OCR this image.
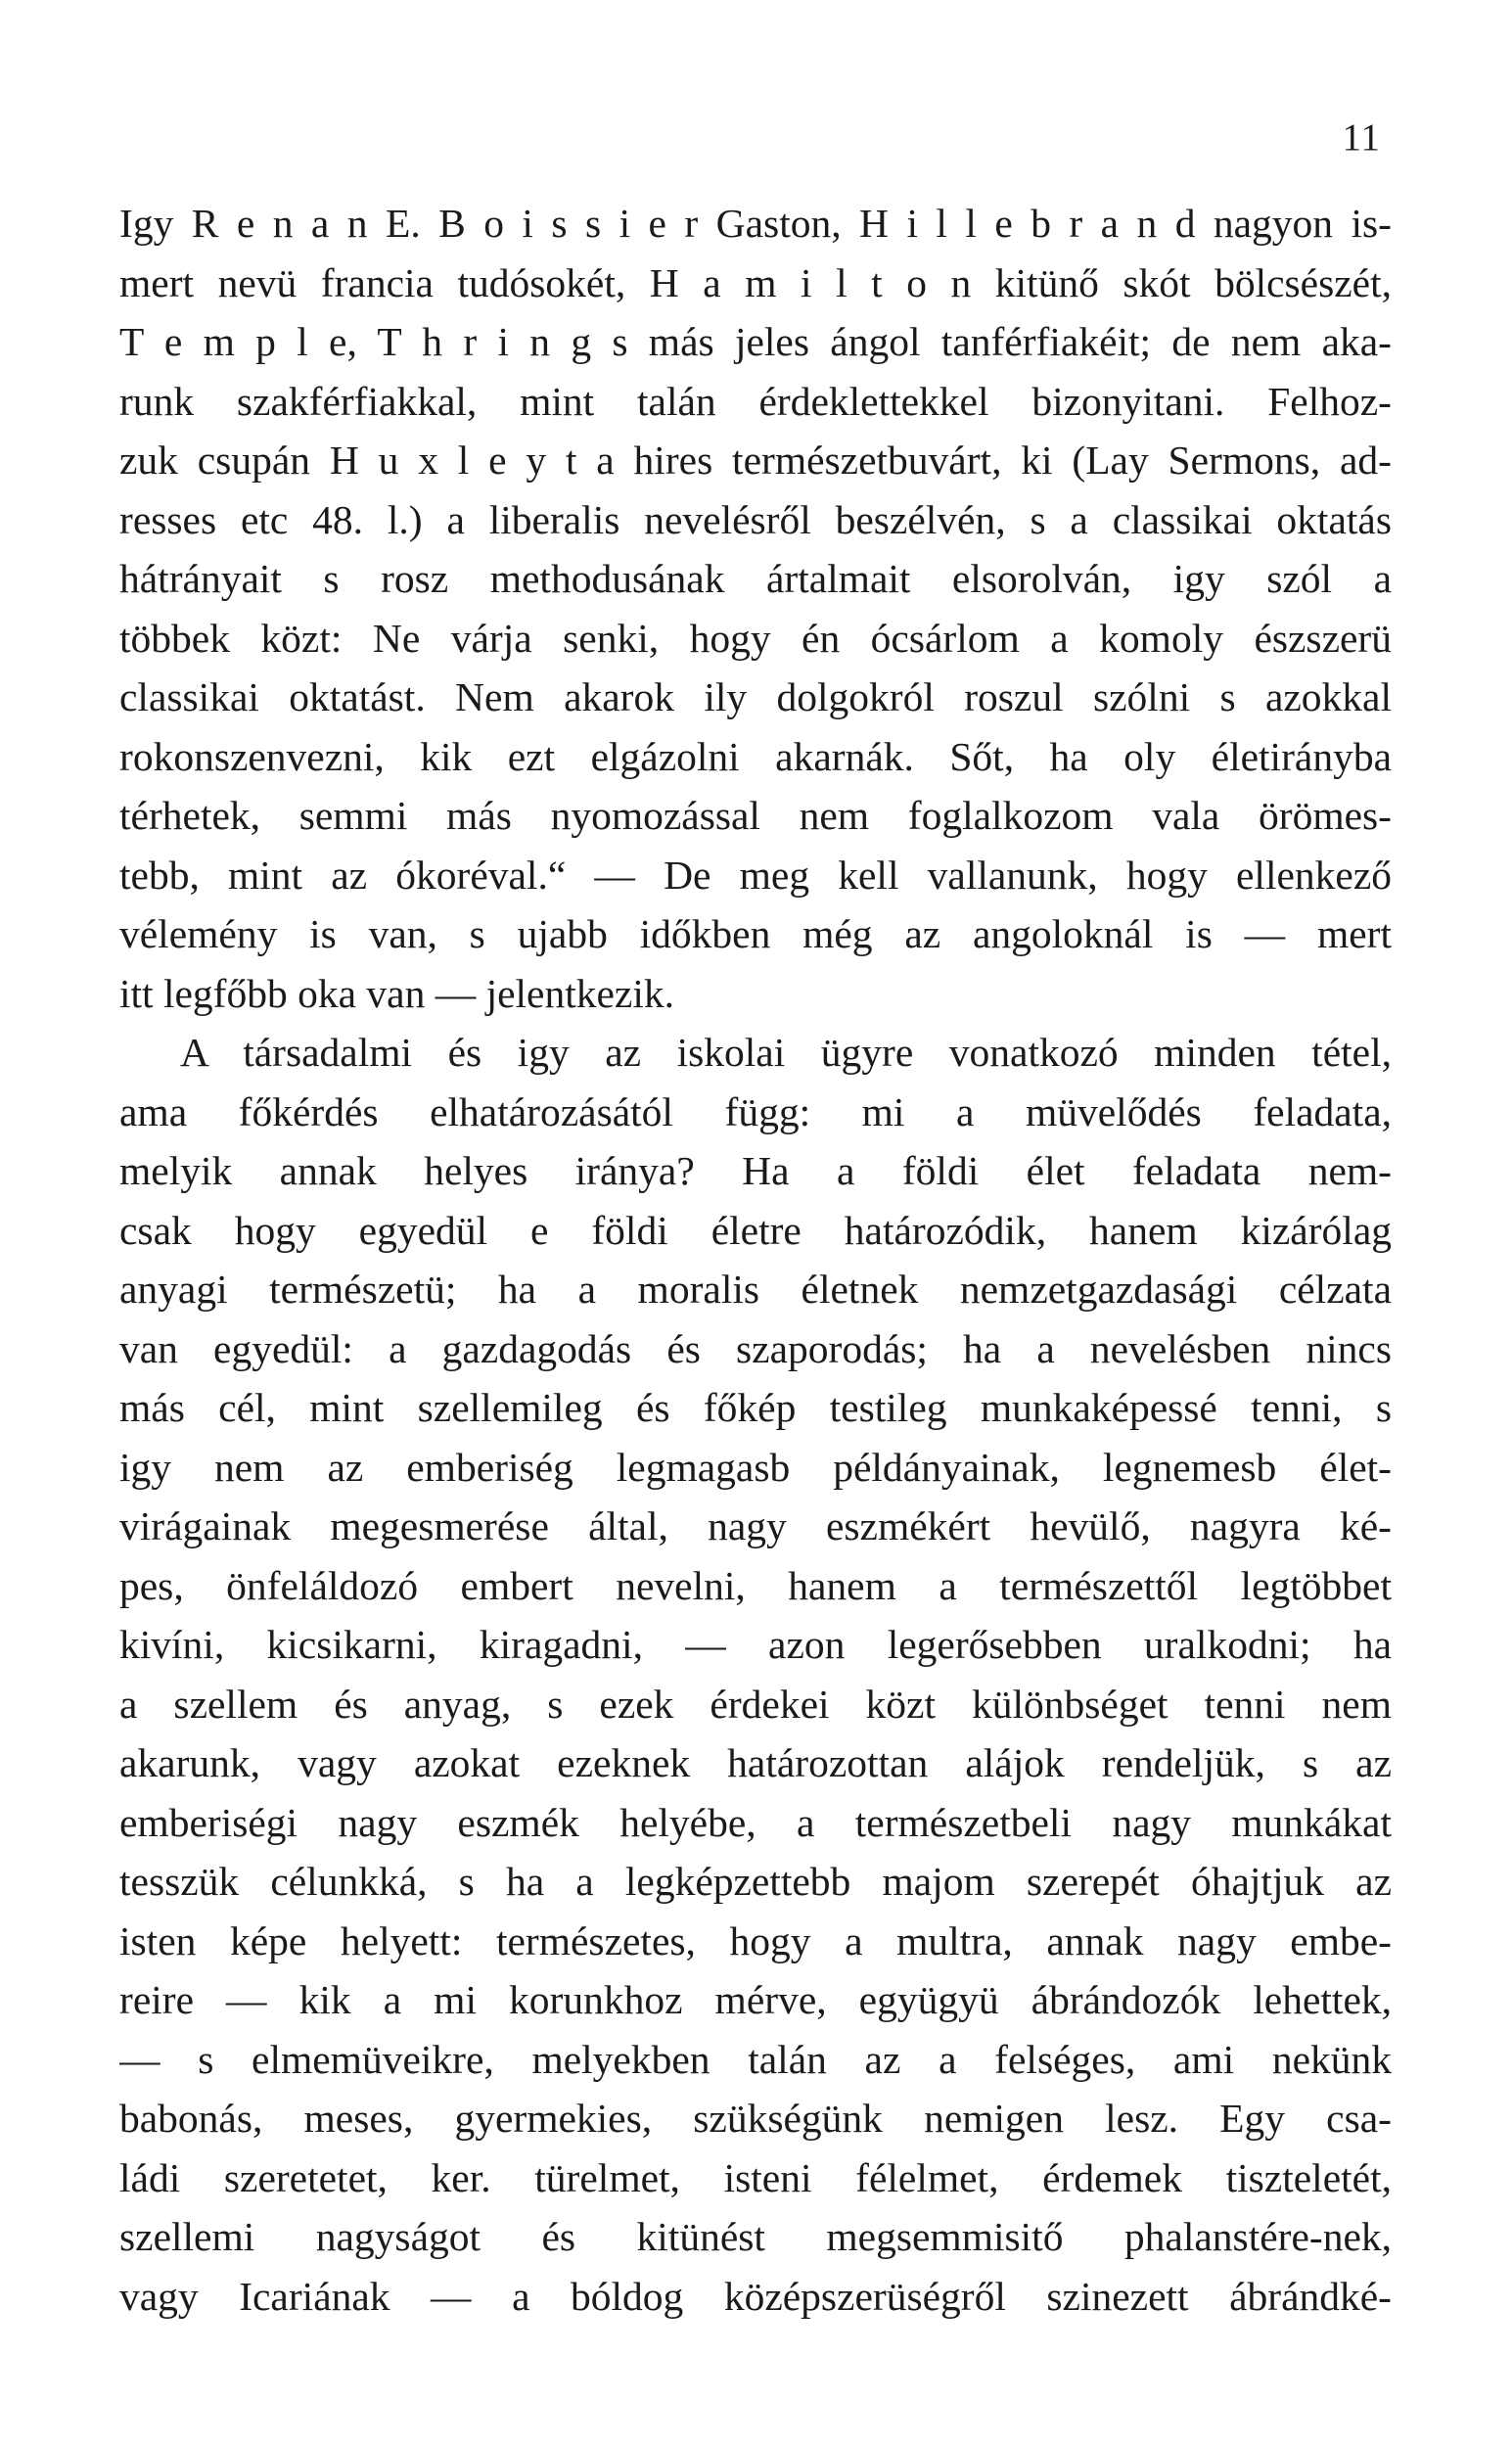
11
Igy R e n a n E. B o i s s i e r Gaston, H i l l e b r a n d nagyon is-
mert nevü francia tudósokét, H a m i l t o n kitünő skót bölcsészét,
T e m p l e, T h r i n g s más jeles ángol tanférfiakéit; de nem aka-
runk szakférfiakkal, mint talán érdeklettekkel bizonyitani. Felhoz-
zuk csupán H u x l e y t a hires természetbuvárt, ki (Lay Sermons, ad-
resses etc 48. l.) a liberalis nevelésről beszélvén, s a classikai oktatás
hátrányait s rosz methodusának ártalmait elsorolván, igy szól a
többek közt: Ne várja senki, hogy én ócsárlom a komoly észszerü
classikai oktatást. Nem akarok ily dolgokról roszul szólni s azokkal
rokonszenvezni, kik ezt elgázolni akarnák. Sőt, ha oly életirányba
térhetek, semmi más nyomozással nem foglalkozom vala örömes-
tebb, mint az ókoréval.“ — De meg kell vallanunk, hogy ellenkező
vélemény is van, s ujabb időkben még az angoloknál is — mert
itt legfőbb oka van — jelentkezik.
A társadalmi és igy az iskolai ügyre vonatkozó minden tétel,
ama főkérdés elhatározásától függ: mi a müvelődés feladata,
melyik annak helyes iránya? Ha a földi élet feladata nem-
csak hogy egyedül e földi életre határozódik, hanem kizárólag
anyagi természetü; ha a moralis életnek nemzetgazdasági célzata
van egyedül: a gazdagodás és szaporodás; ha a nevelésben nincs
más cél, mint szellemileg és főkép testileg munkaképessé tenni, s
igy nem az emberiség legmagasb példányainak, legnemesb élet-
virágainak megesmerése által, nagy eszmékért hevülő, nagyra ké-
pes, önfeláldozó embert nevelni, hanem a természettől legtöbbet
kivíni, kicsikarni, kiragadni, — azon legerősebben uralkodni; ha
a szellem és anyag, s ezek érdekei közt különbséget tenni nem
akarunk, vagy azokat ezeknek határozottan alájok rendeljük, s az
emberiségi nagy eszmék helyébe, a természetbeli nagy munkákat
tesszük célunkká, s ha a legképzettebb majom szerepét óhajtjuk az
isten képe helyett: természetes, hogy a multra, annak nagy embe-
reire — kik a mi korunkhoz mérve, együgyü ábrándozók lehettek,
— s elmemüveikre, melyekben talán az a felséges, ami nekünk
babonás, meses, gyermekies, szükségünk nemigen lesz. Egy csa-
ládi szeretetet, ker. türelmet, isteni félelmet, érdemek tiszteletét,
szellemi nagyságot és kitünést megsemmisitő phalanstére-nek,
vagy Icariának — a bóldog középszerüségről szinezett ábrándké-
